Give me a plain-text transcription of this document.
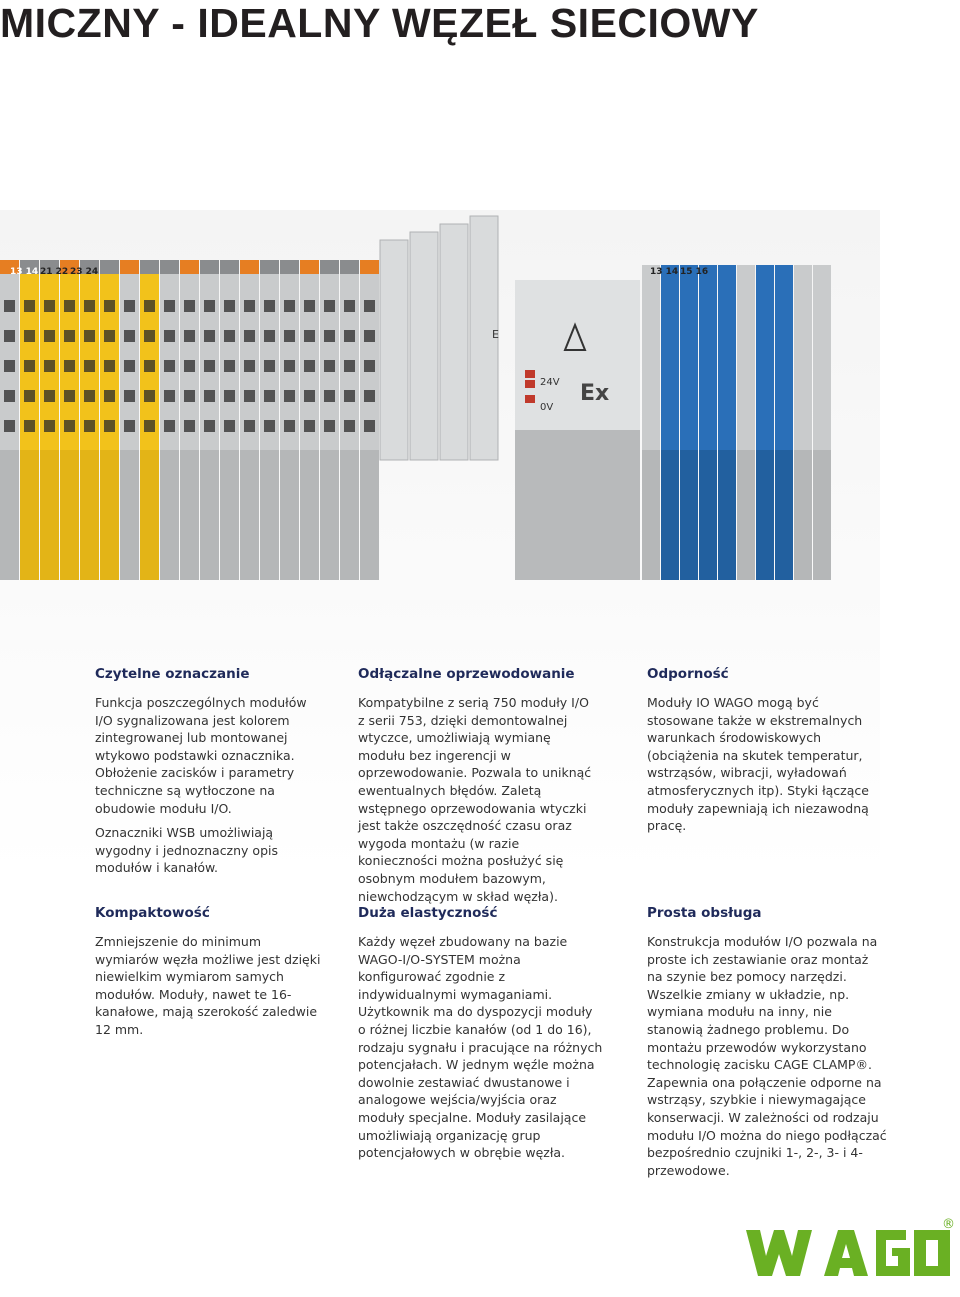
MICZNY - IDEALNY WĘZEŁ SIECIOWY
Ex
24V
0V
13 14 21 22 23 24	13 14 15 16
E
Czytelne oznaczanie

Funkcja poszczególnych modułów I/O sygnalizowana jest kolorem zintegrowanej lub montowanej wtykowo podstawki oznacznika. Obłożenie zacisków i parametry techniczne są wytłoczone na obudowie modułu I/O.

Oznaczniki WSB umożliwiają wygodny i jednoznaczny opis modułów i kanałów.

Odłączalne oprzewodowanie

Kompatybilne z serią 750 moduły I/O z serii 753, dzięki demontowalnej wtyczce, umożliwiają wymianę modułu bez ingerencji w oprzewodowanie. Pozwala to uniknąć ewentualnych błędów. Zaletą wstępnego oprzewodowania wtyczki jest także oszczędność czasu oraz wygoda montażu (w razie konieczności można posłużyć się osobnym modułem bazowym, niewchodzącym w skład węzła).

Odporność

Moduły IO WAGO mogą być stosowane także w ekstremalnych warunkach środowiskowych (obciążenia na skutek temperatur, wstrząsów, wibracji, wyładowań atmosferycznych itp). Styki łączące moduły zapewniają ich niezawodną pracę.

Kompaktowość

Zmniejszenie do minimum wymiarów węzła możliwe jest dzięki niewielkim wymiarom samych modułów. Moduły, nawet te 16-kanałowe, mają szerokość zaledwie 12 mm.

Duża elastyczność

Każdy węzeł zbudowany na bazie WAGO-I/O-SYSTEM można konfigurować zgodnie z indywidualnymi wymaganiami. Użytkownik ma do dyspozycji moduły o różnej liczbie kanałów (od 1 do 16), rodzaju sygnału i pracujące na różnych potencjałach. W jednym węźle można dowolnie zestawiać dwustanowe i analogowe wejścia/wyjścia oraz moduły specjalne. Moduły zasilające umożliwiają organizację grup potencjałowych w obrębie węzła.

Prosta obsługa

Konstrukcja modułów I/O pozwala na proste ich zestawianie oraz montaż na szynie bez pomocy narzędzi. Wszelkie zmiany w układzie, np. wymiana modułu na inny, nie stanowią żadnego problemu. Do montażu przewodów wykorzystano technologię zacisku CAGE CLAMP®. Zapewnia ona połączenie odporne na wstrząsy, szybkie i niewymagające konserwacji. W zależności od rodzaju modułu I/O można do niego podłączać bezpośrednio czujniki 1-, 2-, 3- i 4-przewodowe.

®
